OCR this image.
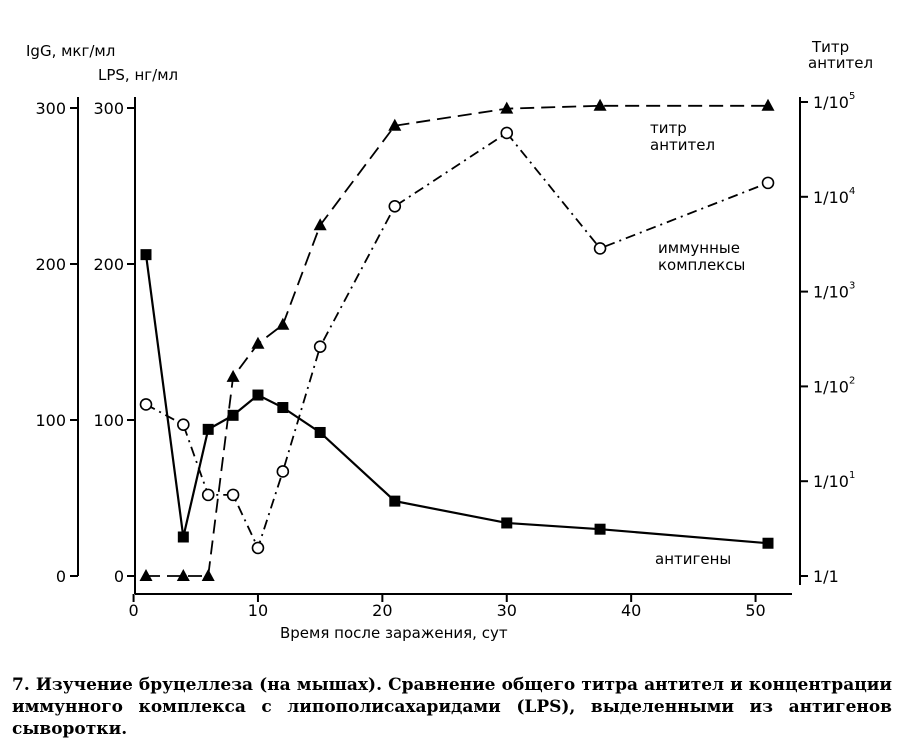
IgG, мкг/мл
LPS, нг/мл
Титр
антител
Время после заражения, сут
0
100
200
300
0
100
200
300
1/1
$1/10^1$
$1/10^2$
$1/10^3$
$1/10^4$
$1/10^5$
0	10	20	30	40	50
титр
антител
иммунные
комплексы
антигены
7. Изучение бруцеллеза (на мышах). Сравнение общего титра антител и концентрации иммунного комплекса с липополисахаридами (LPS), выделенными из антигенов сыворотки.
